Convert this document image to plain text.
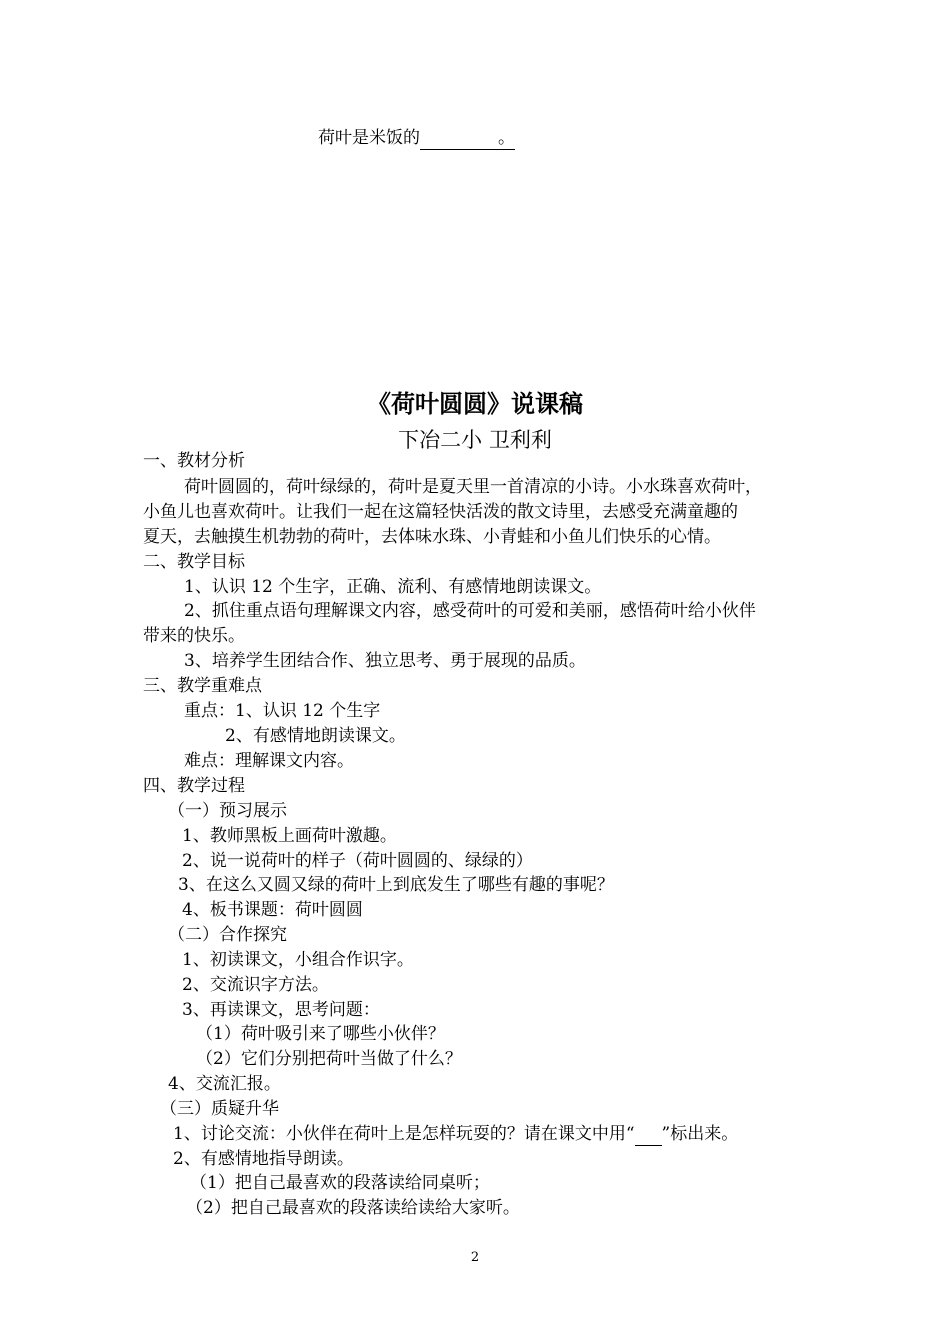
荷叶是米饭的	。
《荷叶圆圆》说课稿
下冶二小 卫利利
一、教材分析
荷叶圆圆的，荷叶绿绿的，荷叶是夏天里一首清凉的小诗。小水珠喜欢荷叶，
小鱼儿也喜欢荷叶。让我们一起在这篇轻快活泼的散文诗里，去感受充满童趣的
夏天，去触摸生机勃勃的荷叶，去体味水珠、小青蛙和小鱼儿们快乐的心情。
二、教学目标
1、认识 12 个生字，正确、流利、有感情地朗读课文。
2、抓住重点语句理解课文内容，感受荷叶的可爱和美丽，感悟荷叶给小伙伴
带来的快乐。
3、培养学生团结合作、独立思考、勇于展现的品质。
三、教学重难点
重点：1、认识 12 个生字
2、有感情地朗读课文。
难点：理解课文内容。
四、教学过程
（一）预习展示
1、教师黑板上画荷叶激趣。
2、说一说荷叶的样子（荷叶圆圆的、绿绿的）
3、在这么又圆又绿的荷叶上到底发生了哪些有趣的事呢？
4、板书课题：荷叶圆圆
（二）合作探究
1、初读课文，小组合作识字。
2、交流识字方法。
3、再读课文，思考问题：
（1）荷叶吸引来了哪些小伙伴？
（2）它们分别把荷叶当做了什么？
4、交流汇报。
（三）质疑升华
1、讨论交流：小伙伴在荷叶上是怎样玩耍的？请在课文中用“ ”标出来。
2、有感情地指导朗读。
（1）把自己最喜欢的段落读给同桌听；
（2）把自己最喜欢的段落读给读给大家听。
2
